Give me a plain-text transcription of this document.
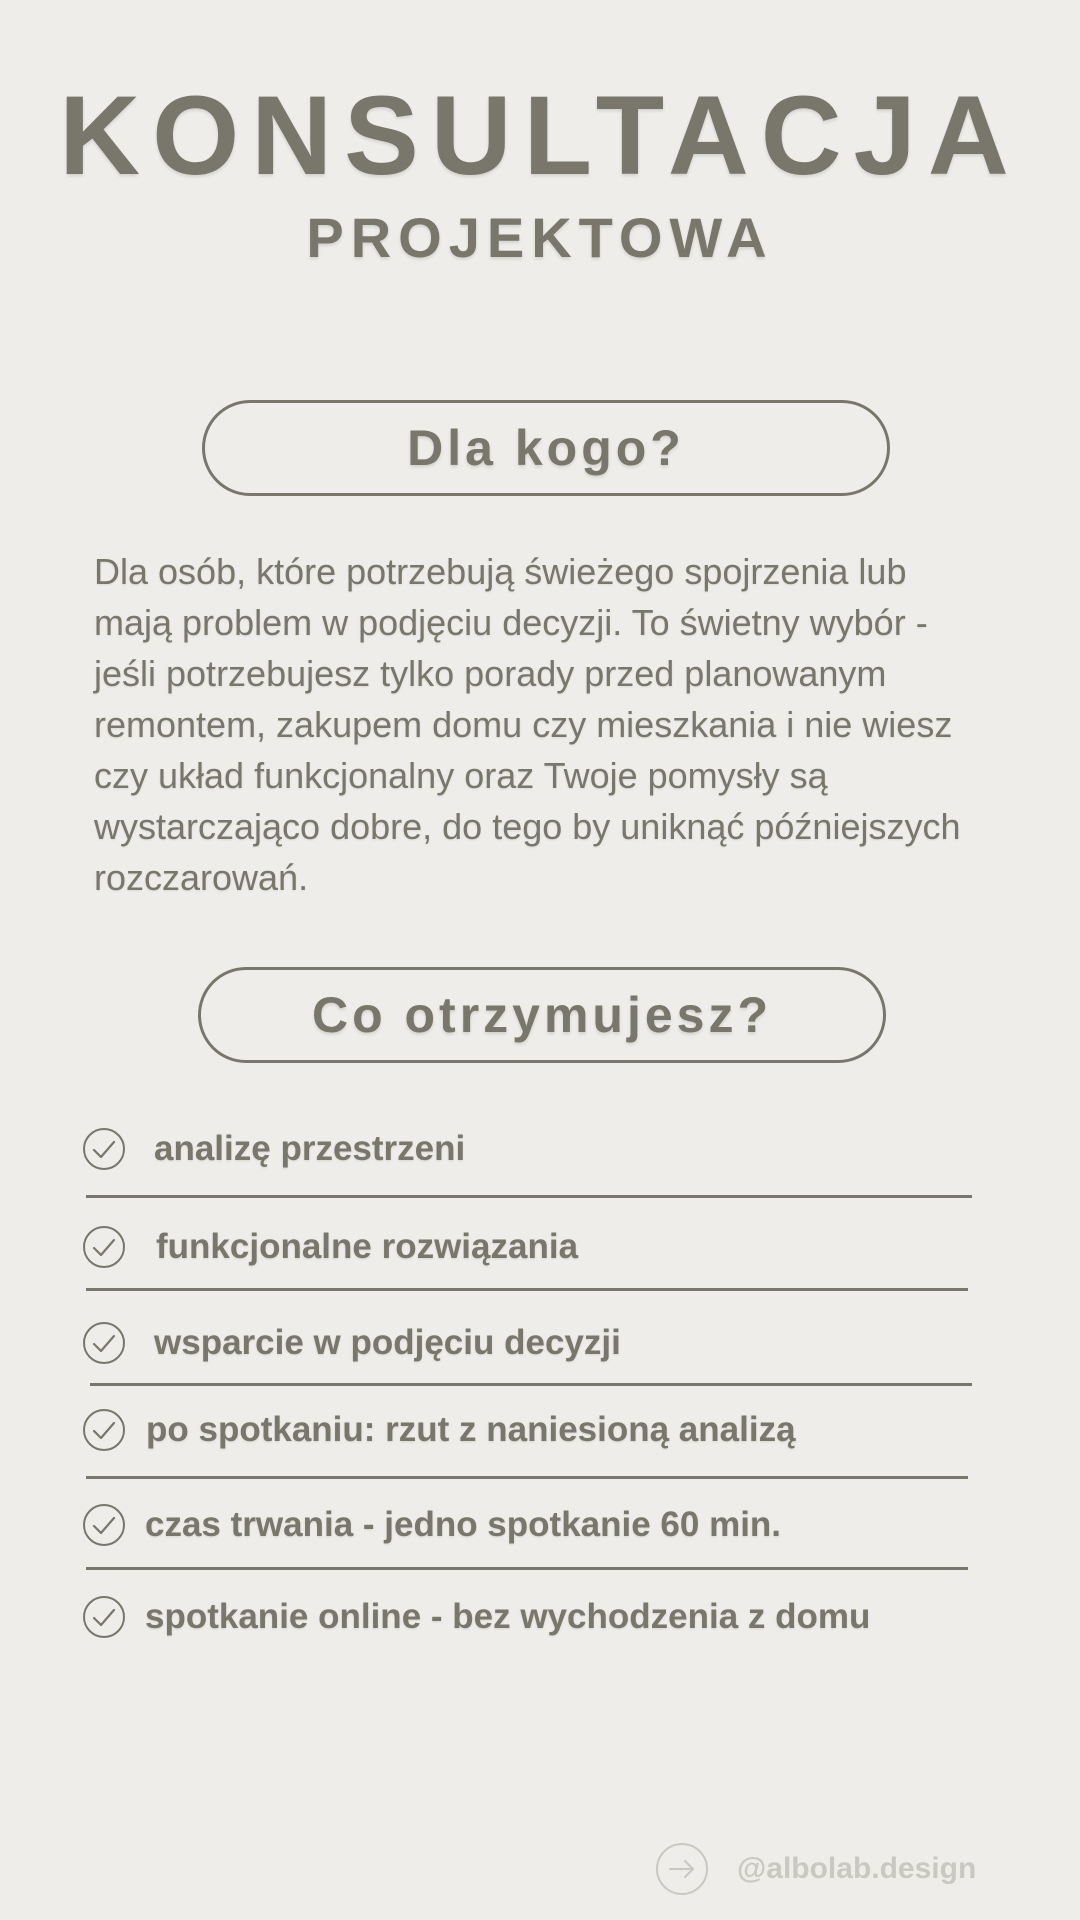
KONSULTACJA
PROJEKTOWA
Dla kogo?
Dla osób, które potrzebują świeżego spojrzenia lub mają problem w podjęciu decyzji. To świetny wybór - jeśli potrzebujesz tylko porady przed planowanym remontem, zakupem domu czy mieszkania i nie wiesz czy układ funkcjonalny oraz Twoje pomysły są wystarczająco dobre, do tego by uniknąć późniejszych rozczarowań.
Co otrzymujesz?
analizę przestrzeni
funkcjonalne rozwiązania
wsparcie w podjęciu decyzji
po spotkaniu: rzut z naniesioną analizą
czas trwania - jedno spotkanie 60 min.
spotkanie online - bez wychodzenia z domu
@albolab.design
